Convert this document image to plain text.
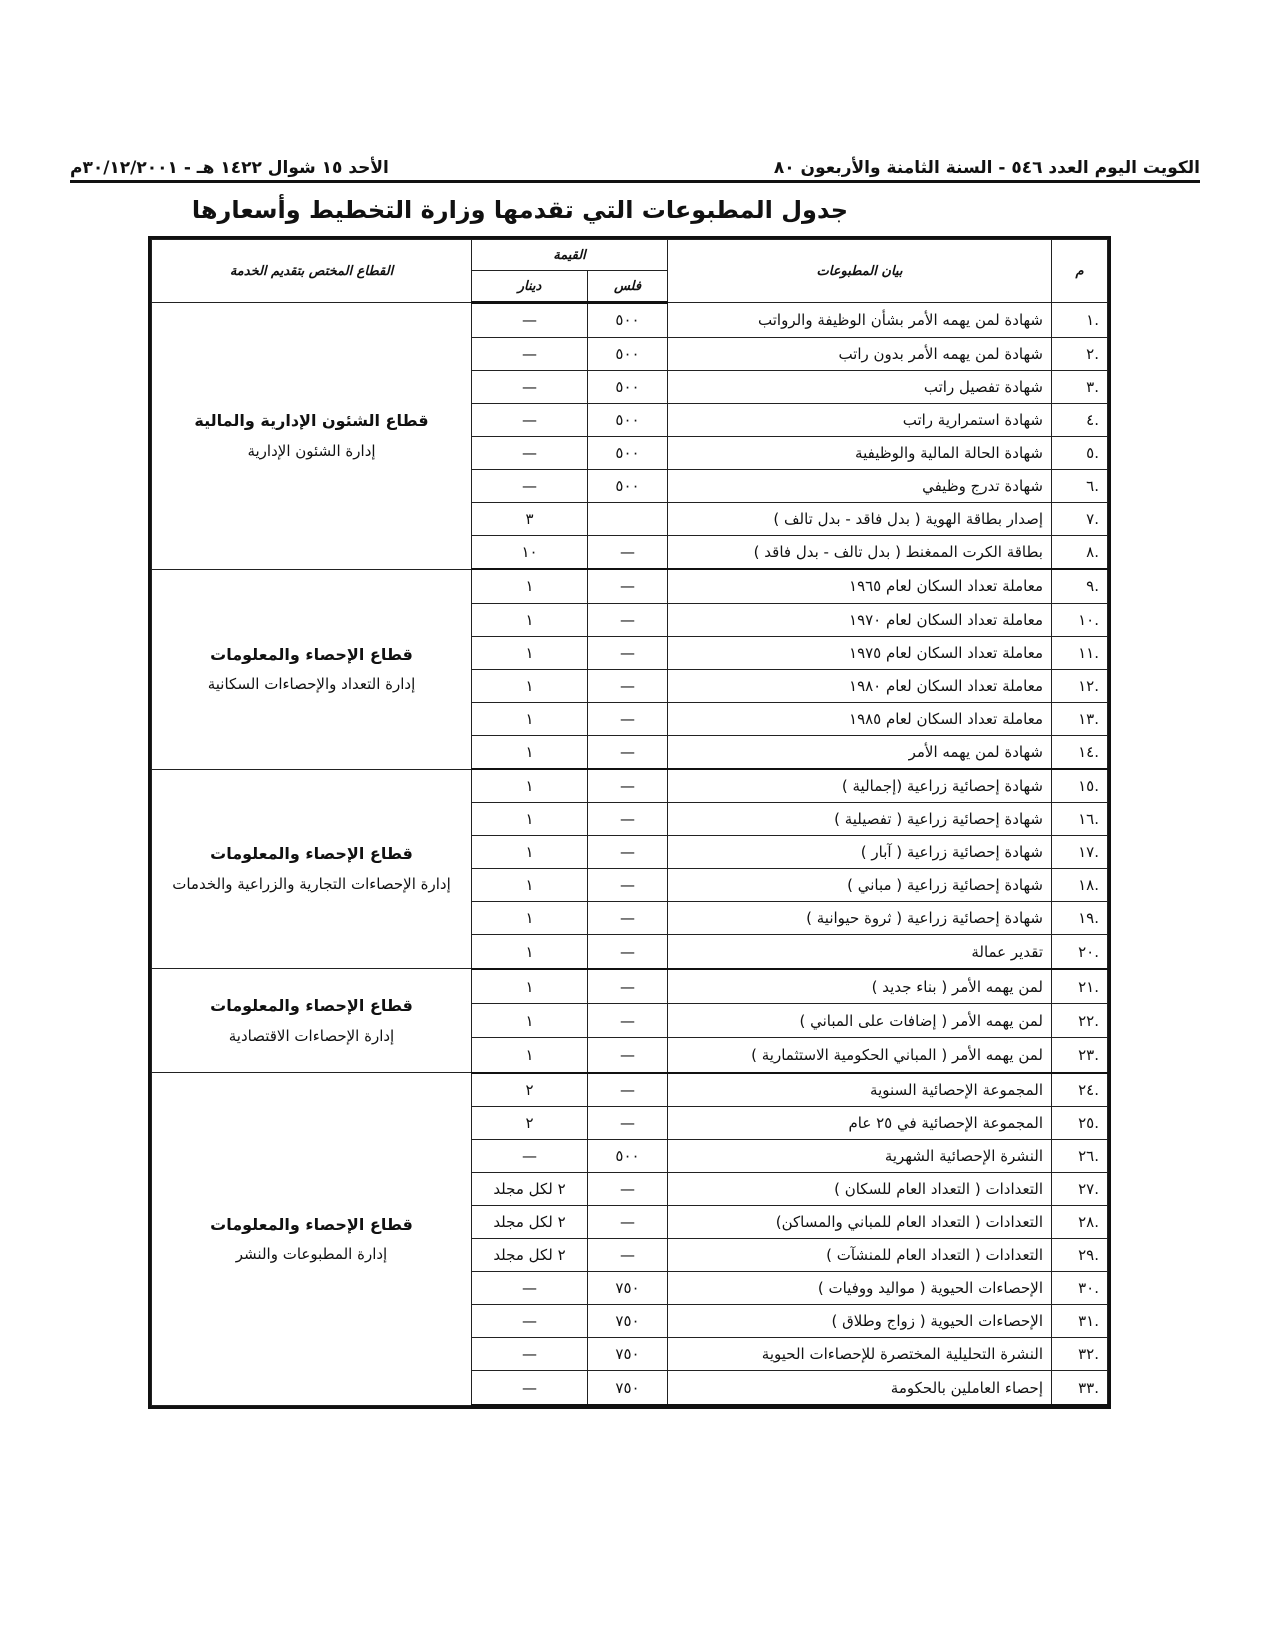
الأحد ١٥ شوال ١٤٢٢ هـ - ٣٠/١٢/٢٠٠١م	الكويت اليوم العدد ٥٤٦ - السنة الثامنة والأربعون ٨٠
جدول المطبوعات التي تقدمها وزارة التخطيط وأسعارها
م	بيان المطبوعات	القيمة		القطاع المختص بتقديم الخدمة
		فلس	دينار	
.١	شهادة لمن يهمه الأمر بشأن الوظيفة والرواتب	٥٠٠	—	قطاع الشئون الإدارية والمالية
إدارة الشئون الإدارية

.٢	شهادة لمن يهمه الأمر بدون راتب	٥٠٠	—	
.٣	شهادة تفصيل راتب	٥٠٠	—	
.٤	شهادة استمرارية راتب	٥٠٠	—	
.٥	شهادة الحالة المالية والوظيفية	٥٠٠	—	
.٦	شهادة تدرج وظيفي	٥٠٠	—	
.٧	إصدار بطاقة الهوية ( بدل فاقد - بدل تالف )		٣	
.٨	بطاقة الكرت الممغنط ( بدل تالف - بدل فاقد )	—	١٠	
.٩	معاملة تعداد السكان لعام ١٩٦٥	—	١	قطاع الإحصاء والمعلومات
إدارة التعداد والإحصاءات السكانية

.١٠	معاملة تعداد السكان لعام ١٩٧٠	—	١	
.١١	معاملة تعداد السكان لعام ١٩٧٥	—	١	
.١٢	معاملة تعداد السكان لعام ١٩٨٠	—	١	
.١٣	معاملة تعداد السكان لعام ١٩٨٥	—	١	
.١٤	شهادة لمن يهمه الأمر	—	١	
.١٥	شهادة إحصائية زراعية (إجمالية )	—	١	قطاع الإحصاء والمعلومات
إدارة الإحصاءات التجارية والزراعية والخدمات

.١٦	شهادة إحصائية زراعية ( تفصيلية )	—	١	
.١٧	شهادة إحصائية زراعية ( آبار )	—	١	
.١٨	شهادة إحصائية زراعية ( مباني )	—	١	
.١٩	شهادة إحصائية زراعية ( ثروة حيوانية )	—	١	
.٢٠	تقدير عمالة	—	١	
.٢١	لمن يهمه الأمر ( بناء جديد )	—	١	قطاع الإحصاء والمعلومات
إدارة الإحصاءات الاقتصادية

.٢٢	لمن يهمه الأمر ( إضافات على المباني )	—	١	
.٢٣	لمن يهمه الأمر ( المباني الحكومية الاستثمارية )	—	١	
.٢٤	المجموعة الإحصائية السنوية	—	٢	قطاع الإحصاء والمعلومات
إدارة المطبوعات والنشر

.٢٥	المجموعة الإحصائية في ٢٥ عام	—	٢	
.٢٦	النشرة الإحصائية الشهرية	٥٠٠	—	
.٢٧	التعدادات ( التعداد العام للسكان )	—	٢ لكل مجلد	
.٢٨	التعدادات ( التعداد العام للمباني والمساكن)	—	٢ لكل مجلد	
.٢٩	التعدادات ( التعداد العام للمنشآت )	—	٢ لكل مجلد	
.٣٠	الإحصاءات الحيوية ( مواليد ووفيات )	٧٥٠	—	
.٣١	الإحصاءات الحيوية ( زواج وطلاق )	٧٥٠	—	
.٣٢	النشرة التحليلية المختصرة للإحصاءات الحيوية	٧٥٠	—	
.٣٣	إحصاء العاملين بالحكومة	٧٥٠	—	
